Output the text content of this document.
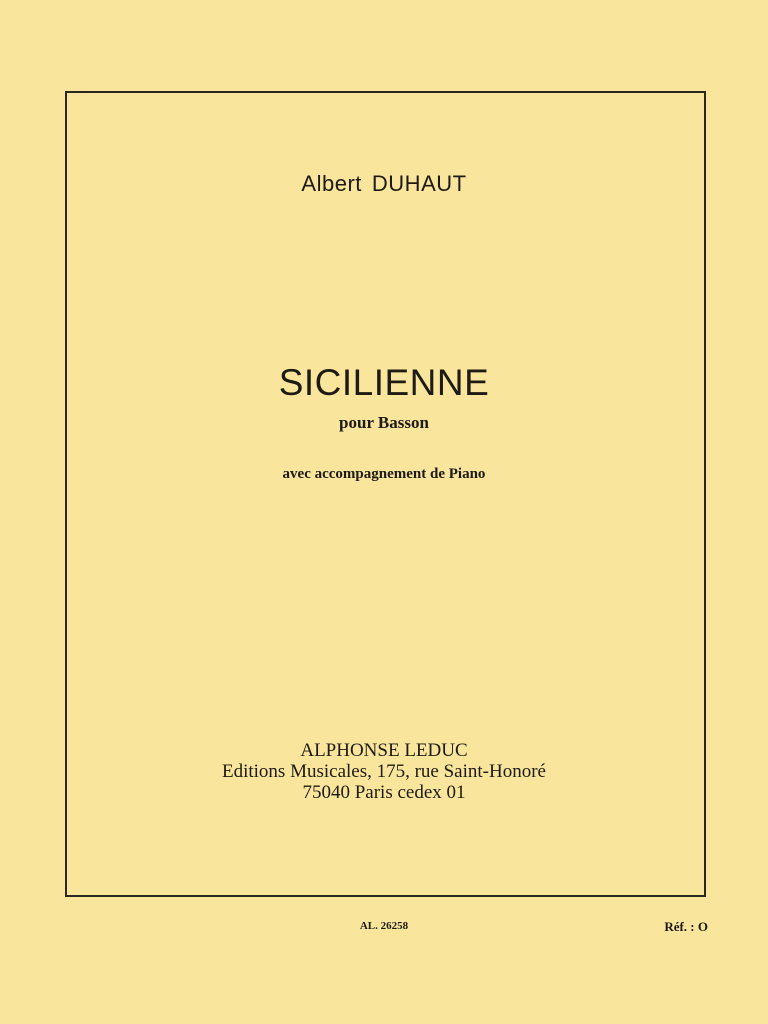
Albert DUHAUT
SICILIENNE
pour Basson
avec accompagnement de Piano
ALPHONSE LEDUC
Editions Musicales, 175, rue Saint-Honoré
75040 Paris cedex 01
AL. 26258	Réf. : O
